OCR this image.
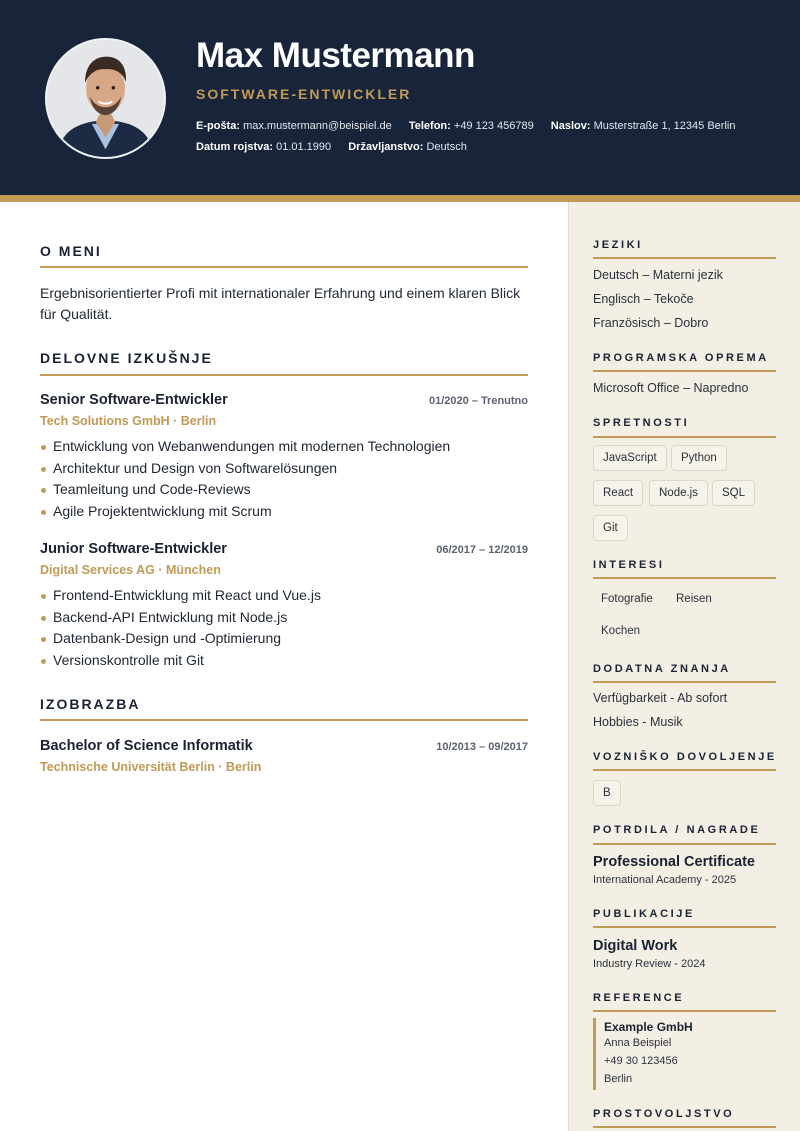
Max Mustermann
SOFTWARE-ENTWICKLER
E-pošta: max.mustermann@beispiel.de Telefon: +49 123 456789 Naslov: Musterstraße 1, 12345 Berlin
Datum rojstva: 01.01.1990 Državljanstvo: Deutsch
O MENI
Ergebnisorientierter Profi mit internationaler Erfahrung und einem klaren Blick für Qualität.
DELOVNE IZKUŠNJE
Senior Software-Entwickler	01/2020 – Trenutno
Tech Solutions GmbH · Berlin
Entwicklung von Webanwendungen mit modernen Technologien
Architektur und Design von Softwarelösungen
Teamleitung und Code-Reviews
Agile Projektentwicklung mit Scrum
Junior Software-Entwickler	06/2017 – 12/2019
Digital Services AG · München
Frontend-Entwicklung mit React und Vue.js
Backend-API Entwicklung mit Node.js
Datenbank-Design und -Optimierung
Versionskontrolle mit Git
IZOBRAZBA
Bachelor of Science Informatik	10/2013 – 09/2017
Technische Universität Berlin · Berlin
JEZIKI
Deutsch – Materni jezik
Englisch – Tekoče
Französisch – Dobro
PROGRAMSKA OPREMA
Microsoft Office – Napredno
SPRETNOSTI
JavaScript	Python
React	Node.js	SQL
Git
INTERESI
Fotografie Reisen
Kochen
DODATNA ZNANJA
Verfügbarkeit - Ab sofort
Hobbies - Musik
VOZNIŠKO DOVOLJENJE
B
POTRDILA / NAGRADE
Professional Certificate
International Academy - 2025
PUBLIKACIJE
Digital Work
Industry Review - 2024
REFERENCE
Example GmbH
Anna Beispiel
+49 30 123456
Berlin
PROSTOVOLJSTVO
